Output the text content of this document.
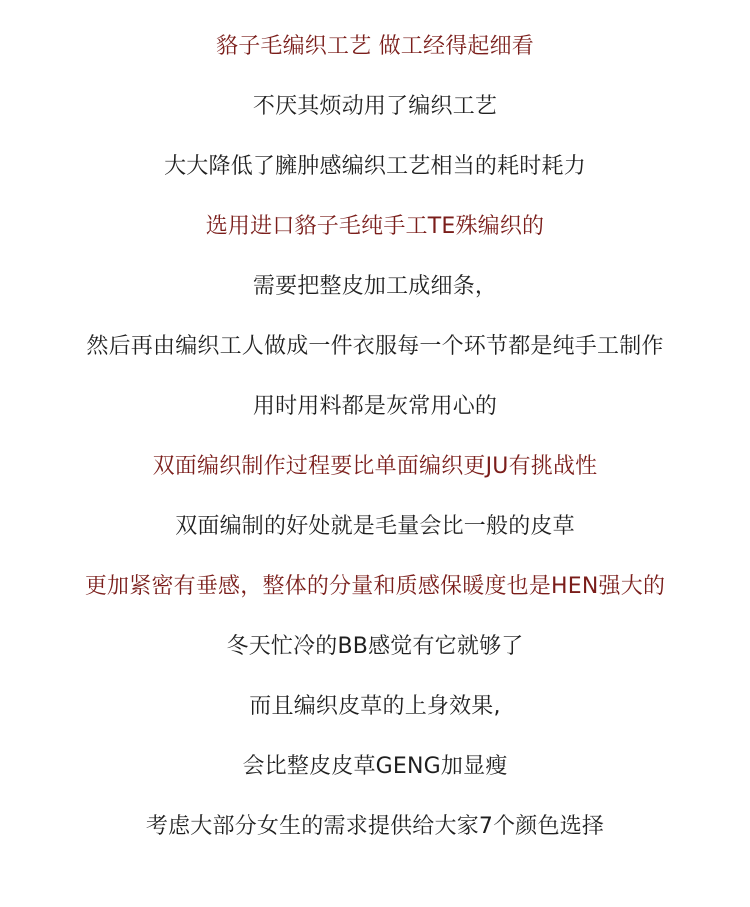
貉子毛编织工艺 做工经得起细看
不厌其烦动用了编织工艺
大大降低了臃肿感编织工艺相当的耗时耗力
选用进口貉子毛纯手工TE殊编织的
需要把整皮加工成细条，
然后再由编织工人做成一件衣服每一个环节都是纯手工制作
用时用料都是灰常用心的
双面编织制作过程要比单面编织更JU有挑战性
双面编制的好处就是毛量会比一般的皮草
更加紧密有垂感，整体的分量和质感保暖度也是HEN强大的
冬天忙冷的BB感觉有它就够了
而且编织皮草的上身效果,
会比整皮皮草GENG加显瘦
考虑大部分女生的需求提供给大家7个颜色选择
